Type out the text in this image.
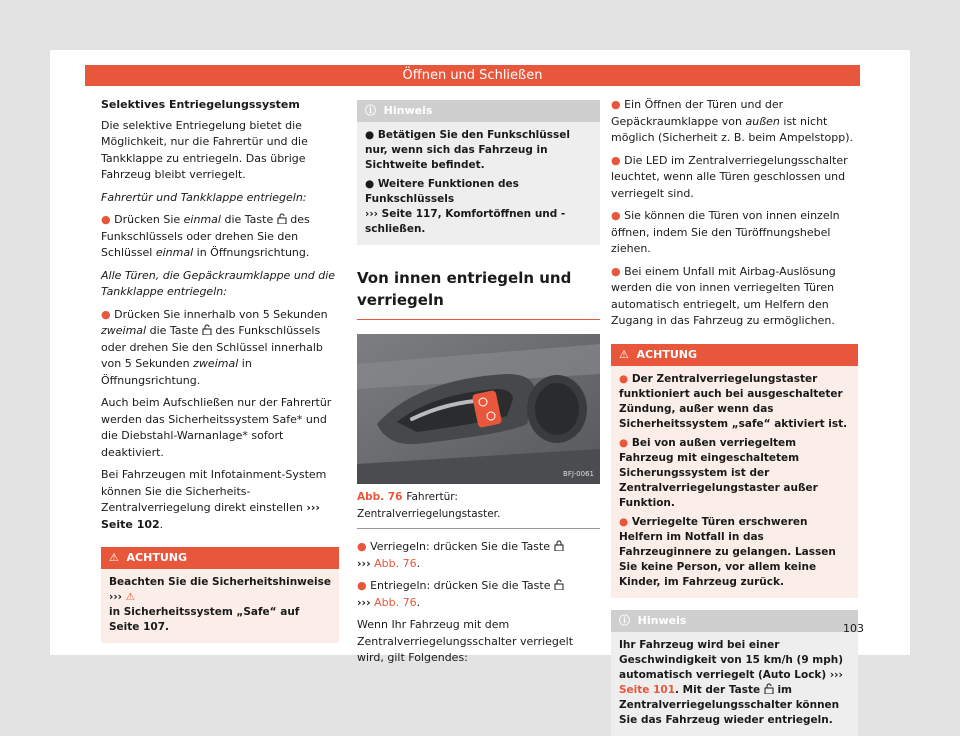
Öffnen und Schließen

Selektives Entriegelungssystem

Die selektive Entriegelung bietet die Möglichkeit, nur die Fahrertür und die Tankklappe zu entriegeln. Das übrige Fahrzeug bleibt verriegelt.

Fahrertür und Tankklappe entriegeln:

● Drücken Sie einmal die Taste des Funkschlüssels oder drehen Sie den Schlüssel einmal in Öffnungsrichtung.

Alle Türen, die Gepäckraumklappe und die Tankklappe entriegeln:

● Drücken Sie innerhalb von 5 Sekunden zweimal die Taste des Funkschlüssels oder drehen Sie den Schlüssel innerhalb von 5 Sekunden zweimal in Öffnungsrichtung.

Auch beim Aufschließen nur der Fahrertür werden das Sicherheitssystem Safe* und die Diebstahl-Warnanlage* sofort deaktiviert.

Bei Fahrzeugen mit Infotainment-System können Sie die Sicherheits-Zentralverriegelung direkt einstellen ››› Seite 102.

⚠ ACHTUNG
Beachten Sie die Sicherheitshinweise ››› ⚠
in Sicherheitssystem „Safe“ auf Seite 107.
ⓘ Hinweis
● Betätigen Sie den Funkschlüssel nur, wenn sich das Fahrzeug in Sichtweite befindet.
● Weitere Funktionen des Funkschlüssels
››› Seite 117, Komfortöffnen und -schließen.
Von innen entriegeln und verriegeln
BFJ-0061
Abb. 76 Fahrertür: Zentralverriegelungstaster.

● Verriegeln: drücken Sie die Taste
››› Abb. 76.

● Entriegeln: drücken Sie die Taste
››› Abb. 76.

Wenn Ihr Fahrzeug mit dem Zentralverriegelungsschalter verriegelt wird, gilt Folgendes:

● Ein Öffnen der Türen und der Gepäckraumklappe von außen ist nicht möglich (Sicherheit z. B. beim Ampelstopp).

● Die LED im Zentralverriegelungsschalter leuchtet, wenn alle Türen geschlossen und verriegelt sind.

● Sie können die Türen von innen einzeln öffnen, indem Sie den Türöffnungshebel ziehen.

● Bei einem Unfall mit Airbag-Auslösung werden die von innen verriegelten Türen automatisch entriegelt, um Helfern den Zugang in das Fahrzeug zu ermöglichen.

⚠ ACHTUNG
● Der Zentralverriegelungstaster funktioniert auch bei ausgeschalteter Zündung, außer wenn das Sicherheitssystem „safe“ aktiviert ist.
● Bei von außen verriegeltem Fahrzeug mit eingeschaltetem Sicherungssystem ist der Zentralverriegelungstaster außer Funktion.
● Verriegelte Türen erschweren Helfern im Notfall in das Fahrzeuginnere zu gelangen. Lassen Sie keine Person, vor allem keine Kinder, im Fahrzeug zurück.
ⓘ Hinweis
Ihr Fahrzeug wird bei einer Geschwindigkeit von 15 km/h (9 mph) automatisch verriegelt (Auto Lock) ››› Seite 101. Mit der Taste im Zentralverriegelungsschalter können Sie das Fahrzeug wieder entriegeln.
103
